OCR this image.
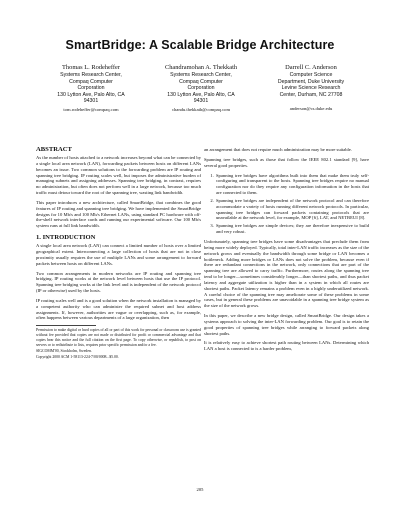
SmartBridge: A Scalable Bridge Architecture
Thomas L. Rodeheffer
Systems Research Center,
Compaq Computer
Corporation
130 Lytton Ave, Palo Alto, CA
94301
tom.rodeheffer@compaq.com
Chandramohan A. Thekkath
Systems Research Center,
Compaq Computer
Corporation
130 Lytton Ave, Palo Alto, CA
94301
chandu.thekkath@compaq.com
Darrell C. Anderson
Computer Science
Department, Duke University
Levine Science Research
Center, Durham, NC 27708
anderson@cs.duke.edu
ABSTRACT

As the number of hosts attached to a network increases beyond what can be connected by a single local area network (LAN), forwarding packets between hosts on different LANs becomes an issue. Two common solutions to the forwarding problem are IP routing and spanning tree bridging. IP routing scales well, but imposes the administrative burden of managing subnets and assigning addresses. Spanning tree bridging, in contrast, requires no administration, but often does not perform well in a large network, because too much traffic must detour toward the root of the spanning tree, wasting link bandwidth.

This paper introduces a new architecture, called SmartBridge, that combines the good features of IP routing and spanning tree bridging. We have implemented the SmartBridge designs for 10 Mb/s and 100 Mb/s Ethernet LANs, using standard PC hardware with off-the-shelf network interface cards and running our experimental software. Our 100 Mb/s system runs at full link bandwidth.

1. INTRODUCTION

A single local area network (LAN) can connect a limited number of hosts over a limited geographical extent. Interconnecting a large collection of hosts that are not in close proximity usually requires the use of multiple LANs and some arrangement to forward packets between hosts on different LANs.

Two common arrangements in modern networks are IP routing and spanning tree bridging. IP routing works at the network level between hosts that use the IP protocol. Spanning tree bridging works at the link level and is independent of the network protocol (IP or otherwise) used by the hosts.

IP routing scales well and is a good solution when the network installation is managed by a competent authority who can administer the required subnet and host address assignments. If, however, authorities are vague or overlapping, such as, for example, often happens between various departments of a large organization, then

Permission to make digital or hard copies of all or part of this work for personal or classroom use is granted without fee provided that copies are not made or distributed for profit or commercial advantage and that copies bear this notice and the full citation on the first page. To copy otherwise, or republish, to post on servers or to redistribute to lists, requires prior specific permission and/or a fee.

SIGCOMM'00, Stockholm, Sweden.

Copyright 2000 ACM 1-58113-224-7/00/0008...$5.00.

an arrangement that does not require much administration may be more suitable.

Spanning tree bridges, such as those that follow the IEEE 802.1 standard [9], have several good properties.

1. Spanning tree bridges have algorithms built into them that make them truly self-configuring and transparent to the hosts. Spanning tree bridges require no manual configuration nor do they require any configuration information in the hosts that are connected to them.
2. Spanning tree bridges are independent of the network protocol and can therefore accommodate a variety of hosts running different network protocols. In particular, spanning tree bridges can forward packets containing protocols that are unavailable at the network level, for example, MOP [6], LAT, and NETBEUI [8].
3. Spanning tree bridges are simple devices; they are therefore inexpensive to build and very robust.

Unfortunately, spanning tree bridges have some disadvantages that preclude them from being more widely deployed. Typically, total inter-LAN traffic increases as the size of the network grows and eventually the bandwidth through some bridge or LAN becomes a bottleneck. Adding more bridges or LANs does not solve the problem, because even if there are redundant connections in the network, only connections that are part of the spanning tree are allowed to carry traffic. Furthermore, routes along the spanning tree tend to be longer—sometimes considerably longer—than shortest paths, and thus packet latency and aggregate utilization is higher than in a system in which all routes are shortest paths. Packet latency remains a problem even in a highly underutilized network. A careful choice of the spanning tree may ameliorate some of these problems in some cases, but in general these problems are unavoidable in a spanning tree bridge system as the size of the network grows.

In this paper, we describe a new bridge design, called SmartBridge. Our design takes a systems approach to solving the inter-LAN forwarding problem. Our goal is to retain the good properties of spanning tree bridges while arranging to forward packets along shortest paths.

It is relatively easy to achieve shortest path routing between LANs. Determining which LAN a host is connected to is a harder problem,

205
